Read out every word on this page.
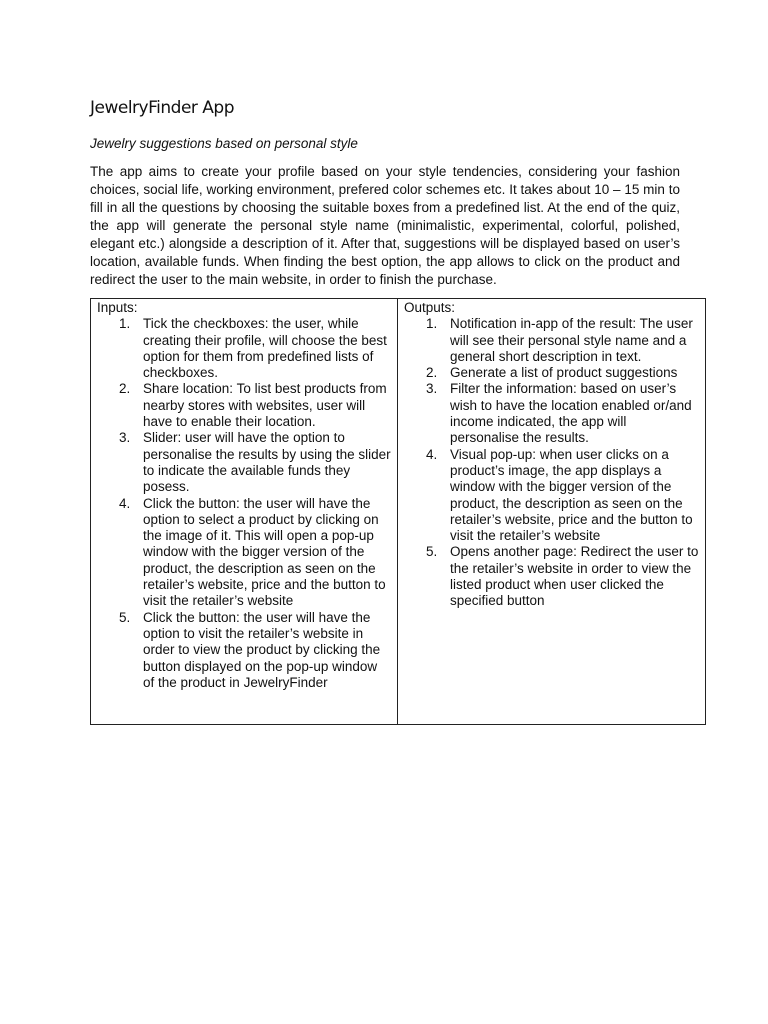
JewelryFinder App

Jewelry suggestions based on personal style

The app aims to create your profile based on your style tendencies, considering your fashion choices, social life, working environment, prefered color schemes etc. It takes about 10 – 15 min to fill in all the questions by choosing the suitable boxes from a predefined list. At the end of the quiz, the app will generate the personal style name (minimalistic, experimental, colorful, polished, elegant etc.) alongside a description of it. After that, suggestions will be displayed based on user’s location, available funds. When finding the best option, the app allows to click on the product and redirect the user to the main website, in order to finish the purchase.

Inputs:
1. Tick the checkboxes: the user, while creating their profile, will choose the best option for them from predefined lists of checkboxes.
2. Share location: To list best products from nearby stores with websites, user will have to enable their location.
3. Slider: user will have the option to personalise the results by using the slider to indicate the available funds they posess.
4. Click the button: the user will have the option to select a product by clicking on the image of it. This will open a pop-up window with the bigger version of the product, the description as seen on the retailer’s website, price and the button to visit the retailer’s website
5. Click the button: the user will have the option to visit the retailer’s website in order to view the product by clicking the button displayed on the pop-up window of the product in JewelryFinder

Outputs:
1. Notification in-app of the result: The user will see their personal style name and a general short description in text.
2. Generate a list of product suggestions
3. Filter the information: based on user’s wish to have the location enabled or/and income indicated, the app will personalise the results.
4. Visual pop-up: when user clicks on a product’s image, the app displays a window with the bigger version of the product, the description as seen on the retailer’s website, price and the button to visit the retailer’s website
5. Opens another page: Redirect the user to the retailer’s website in order to view the listed product when user clicked the specified button
